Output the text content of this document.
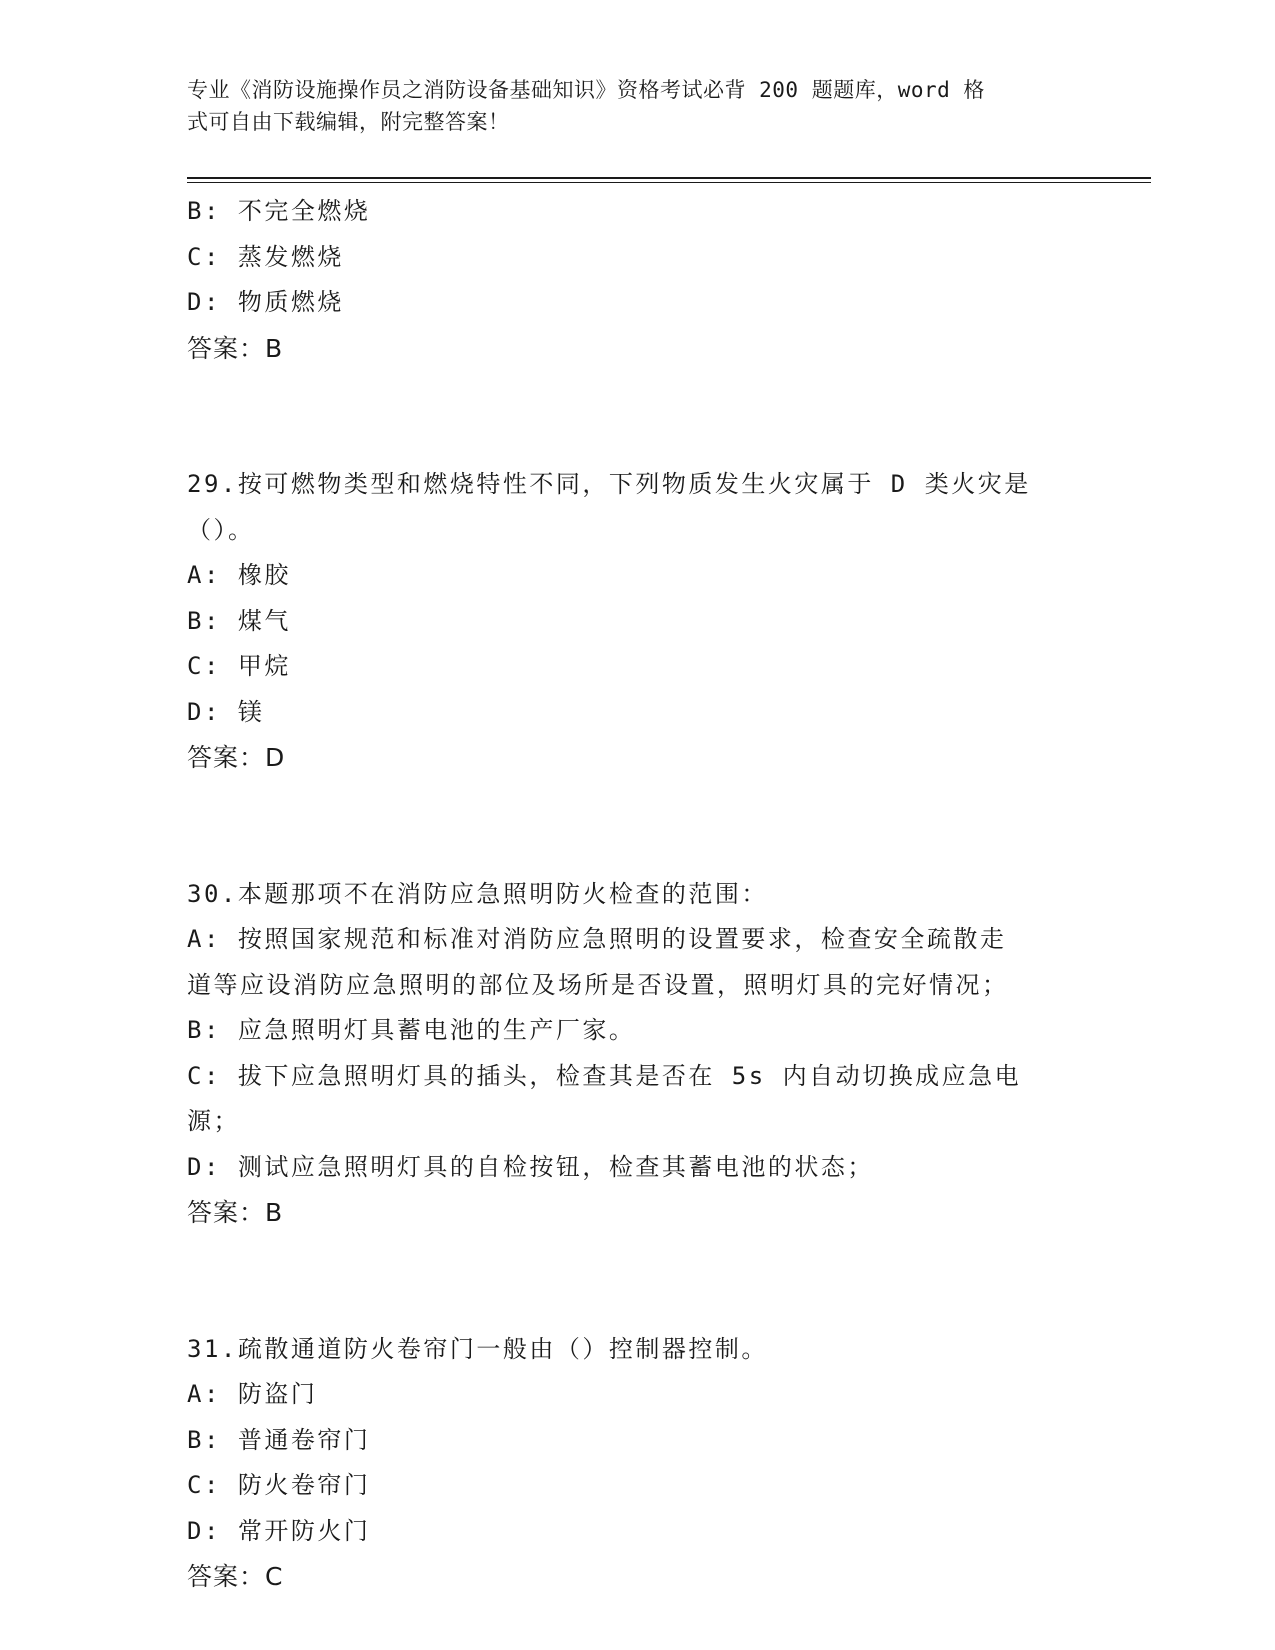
专业《消防设施操作员之消防设备基础知识》资格考试必背 200 题题库，word 格
式可自由下载编辑，附完整答案！
B: 不完全燃烧
C: 蒸发燃烧
D: 物质燃烧
答案：B
29.按可燃物类型和燃烧特性不同，下列物质发生火灾属于 D 类火灾是
（）。
A: 橡胶
B: 煤气
C: 甲烷
D: 镁
答案：D
30.本题那项不在消防应急照明防火检查的范围：
A: 按照国家规范和标准对消防应急照明的设置要求，检查安全疏散走
道等应设消防应急照明的部位及场所是否设置，照明灯具的完好情况；
B: 应急照明灯具蓄电池的生产厂家。
C: 拔下应急照明灯具的插头，检查其是否在 5s 内自动切换成应急电
源；
D: 测试应急照明灯具的自检按钮，检查其蓄电池的状态；
答案：B
31.疏散通道防火卷帘门一般由（）控制器控制。
A: 防盗门
B: 普通卷帘门
C: 防火卷帘门
D: 常开防火门
答案：C
